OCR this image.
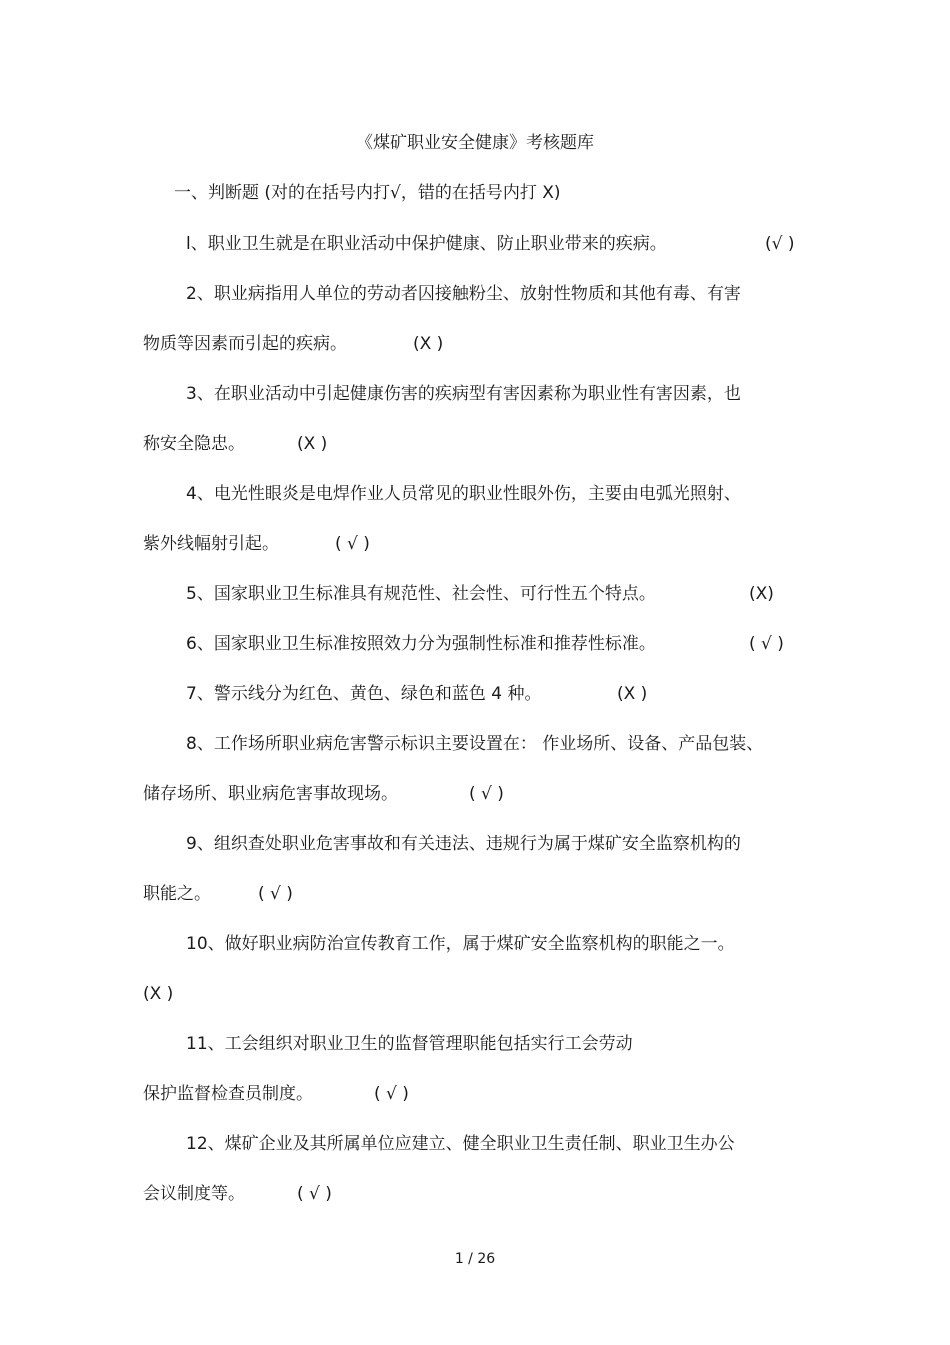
《煤矿职业安全健康》考核题库
一、判断题 (对的在括号内打√，错的在括号内打 X)
l、职业卫生就是在职业活动中保护健康、防止职业带来的疾病。	(√ )
2、职业病指用人单位的劳动者囚接触粉尘、放射性物质和其他有毒、有害
物质等因素而引起的疾病。	(X )
3、在职业活动中引起健康伤害的疾病型有害因素称为职业性有害因素，也
称安全隐忠。	(X )
4、电光性眼炎是电焊作业人员常见的职业性眼外伤，主要由电弧光照射、
紫外线幅射引起。	( √ )
5、国家职业卫生标准具有规范性、社会性、可行性五个特点。	(X)
6、国家职业卫生标准按照效力分为强制性标准和推荐性标准。	( √ )
7、警示线分为红色、黄色、绿色和蓝色 4 种。	(X )
8、工作场所职业病危害警示标识主要设置在： 作业场所、设备、产品包装、
储存场所、职业病危害事故现场。	( √ )
9、组织查处职业危害事故和有关违法、违规行为属于煤矿安全监察机构的
职能之。	( √ )
10、做好职业病防治宣传教育工作，属于煤矿安全监察机构的职能之一。
(X )
11、工会组织对职业卫生的监督管理职能包括实行工会劳动
保护监督检查员制度。	( √ )
12、煤矿企业及其所属单位应建立、健全职业卫生责任制、职业卫生办公
会议制度等。	( √ )
1 / 26
